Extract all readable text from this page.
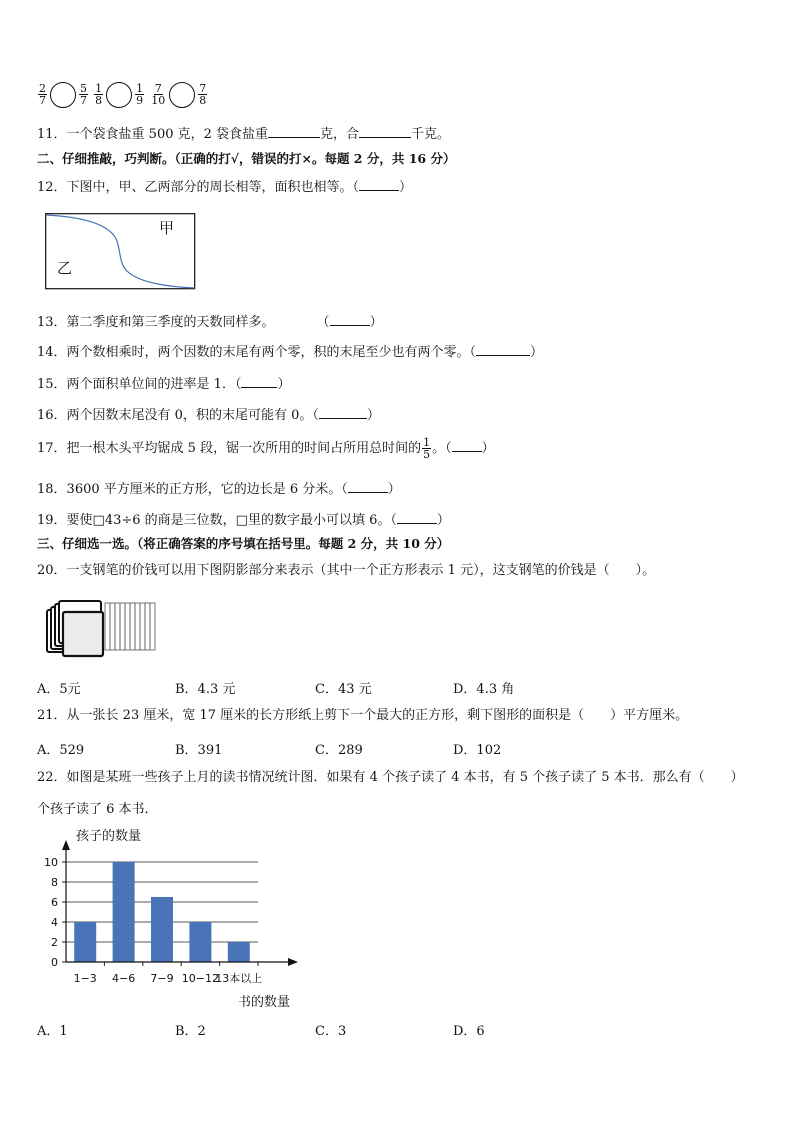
$\frac{2}{7}$	$\frac{5}{7}$
$\frac{1}{8}$	$\frac{1}{9}$
$\frac{7}{10}$	$\frac{7}{8}$
11．一个袋食盐重 500 克，2 袋食盐重	克，合	千克。
二、仔细推敲，巧判断。（正确的打√，错误的打×。每题 2 分，共 16 分）
12．下图中，甲、乙两部分的周长相等，面积也相等。（	）
甲
乙
13．第二季度和第三季度的天数同样多。	（	）
14．两个数相乘时，两个因数的末尾有两个零，积的末尾至少也有两个零。（	）
15．两个面积单位间的进率是 1．（	）
16．两个因数末尾没有 0，积的末尾可能有 0。（	）
17．把一根木头平均锯成 5 段，锯一次所用的时间占所用总时间的 $\frac{1}{5}$ 。（ ）
18．3600 平方厘米的正方形，它的边长是 6 分米。（	）
19．要使□43÷6 的商是三位数，□里的数字最小可以填 6。（	）
三、仔细选一选。（将正确答案的序号填在括号里。每题 2 分，共 10 分）
20．一支钢笔的价钱可以用下图阴影部分来表示（其中一个正方形表示 1 元），这支钢笔的价钱是（　　）。
A．5元	B．4.3 元	C．43 元	D．4.3 角
21．从一张长 23 厘米，宽 17 厘米的长方形纸上剪下一个最大的正方形，剩下图形的面积是（　　）平方厘米。
A．529	B．391	C．289	D．102
22．如图是某班一些孩子上月的读书情况统计图．如果有 4 个孩子读了 4 本书，有 5 个孩子读了 5 本书．那么有（　　）
个孩子读了 6 本书．
孩子的数量
书的数量
0
2
4
6
8
10
1−3 4−6 7−9 10−12
13本以上
A．1	B．2	C．3	D．6
